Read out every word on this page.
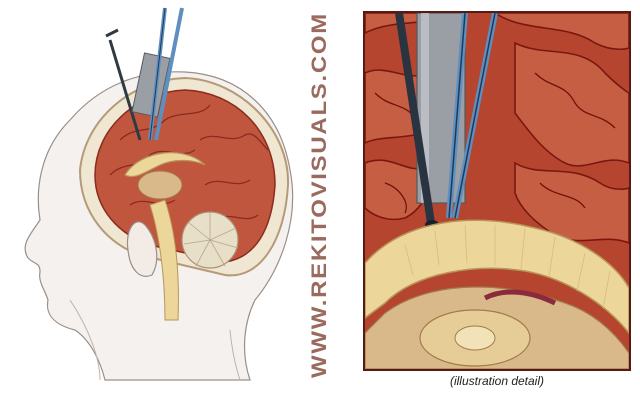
WWW.REKITOVISUALS.COM
(illustration detail)
